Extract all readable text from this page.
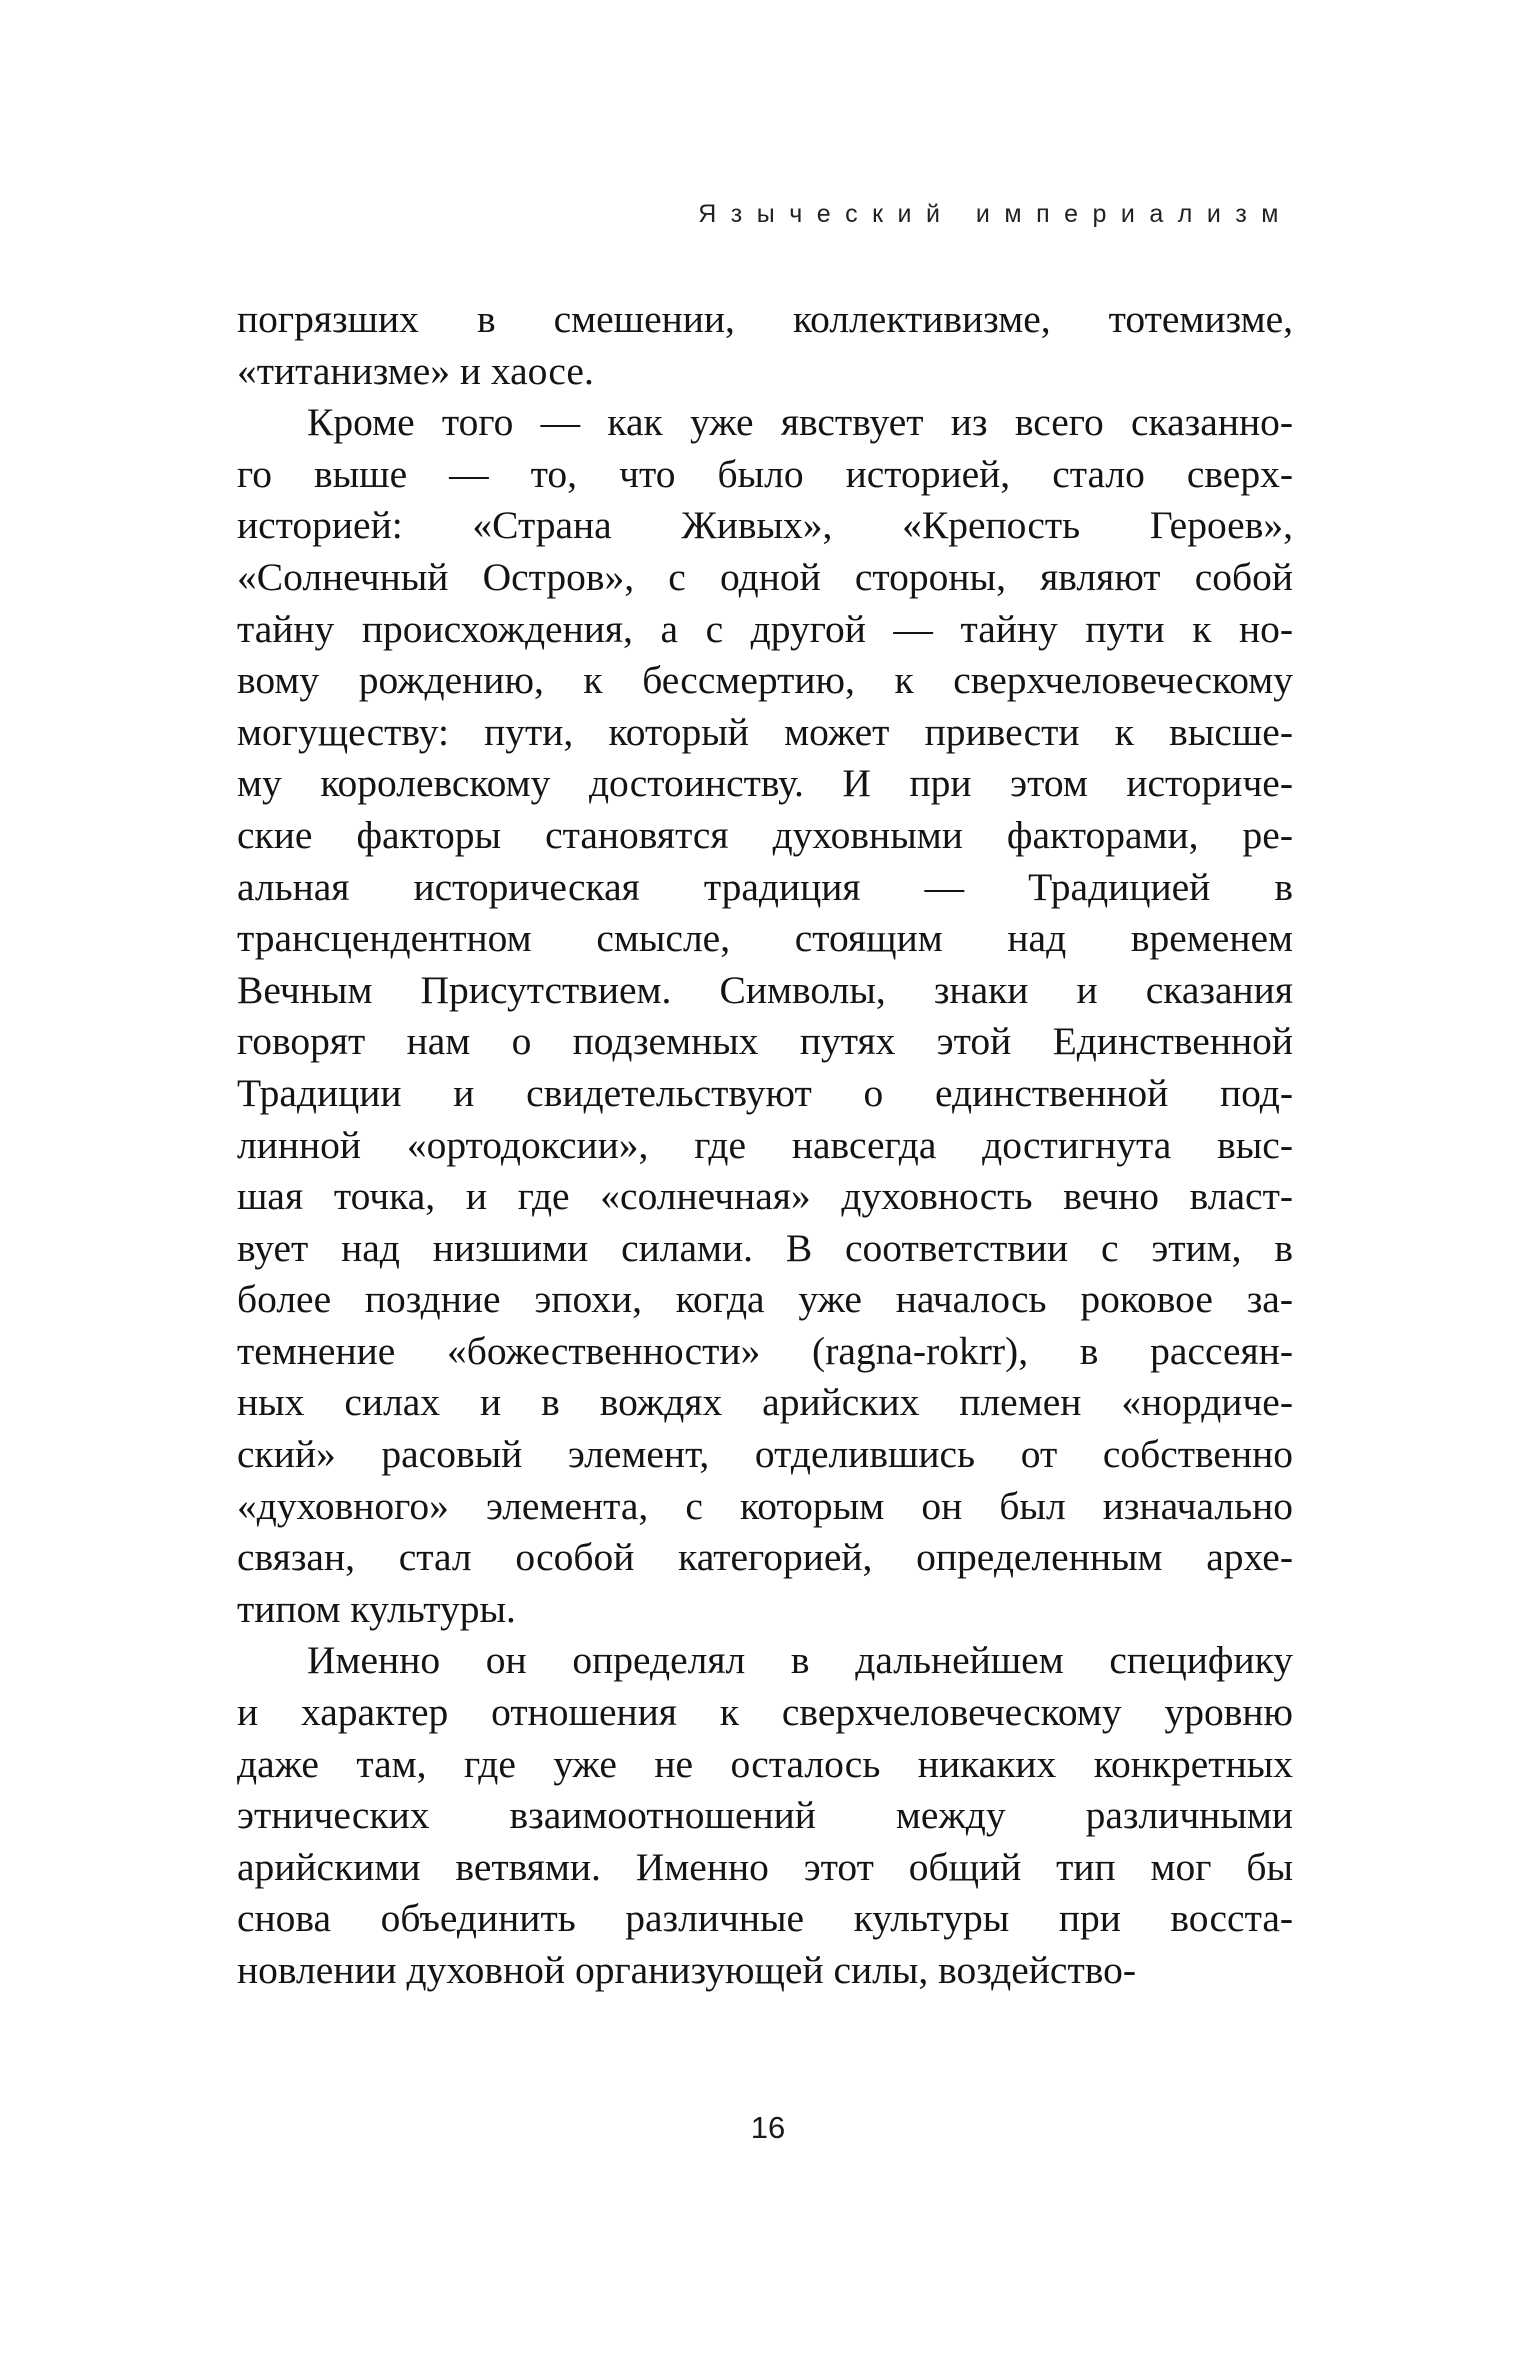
Языческий империализм
погрязших в смешении, коллективизме, тотемизме,
«титанизме» и хаосе.
Кроме того — как уже явствует из всего сказанно-
го выше — то, что было историей, стало сверх-
историей: «Страна Живых», «Крепость Героев»,
«Солнечный Остров», с одной стороны, являют собой
тайну происхождения, а с другой — тайну пути к но-
вому рождению, к бессмертию, к сверхчеловеческому
могуществу: пути, который может привести к высше-
му королевскому достоинству. И при этом историче-
ские факторы становятся духовными факторами, ре-
альная историческая традиция — Традицией в
трансцендентном смысле, стоящим над временем
Вечным Присутствием. Символы, знаки и сказания
говорят нам о подземных путях этой Единственной
Традиции и свидетельствуют о единственной под-
линной «ортодоксии», где навсегда достигнута выс-
шая точка, и где «солнечная» духовность вечно власт-
вует над низшими силами. В соответствии с этим, в
более поздние эпохи, когда уже началось роковое за-
темнение «божественности» (ragna-rokrr), в рассеян-
ных силах и в вождях арийских племен «нордиче-
ский» расовый элемент, отделившись от собственно
«духовного» элемента, с которым он был изначально
связан, стал особой категорией, определенным архе-
типом культуры.
Именно он определял в дальнейшем специфику
и характер отношения к сверхчеловеческому уровню
даже там, где уже не осталось никаких конкретных
этнических взаимоотношений между различными
арийскими ветвями. Именно этот общий тип мог бы
снова объединить различные культуры при восста-
новлении духовной организующей силы, воздейство-
16
